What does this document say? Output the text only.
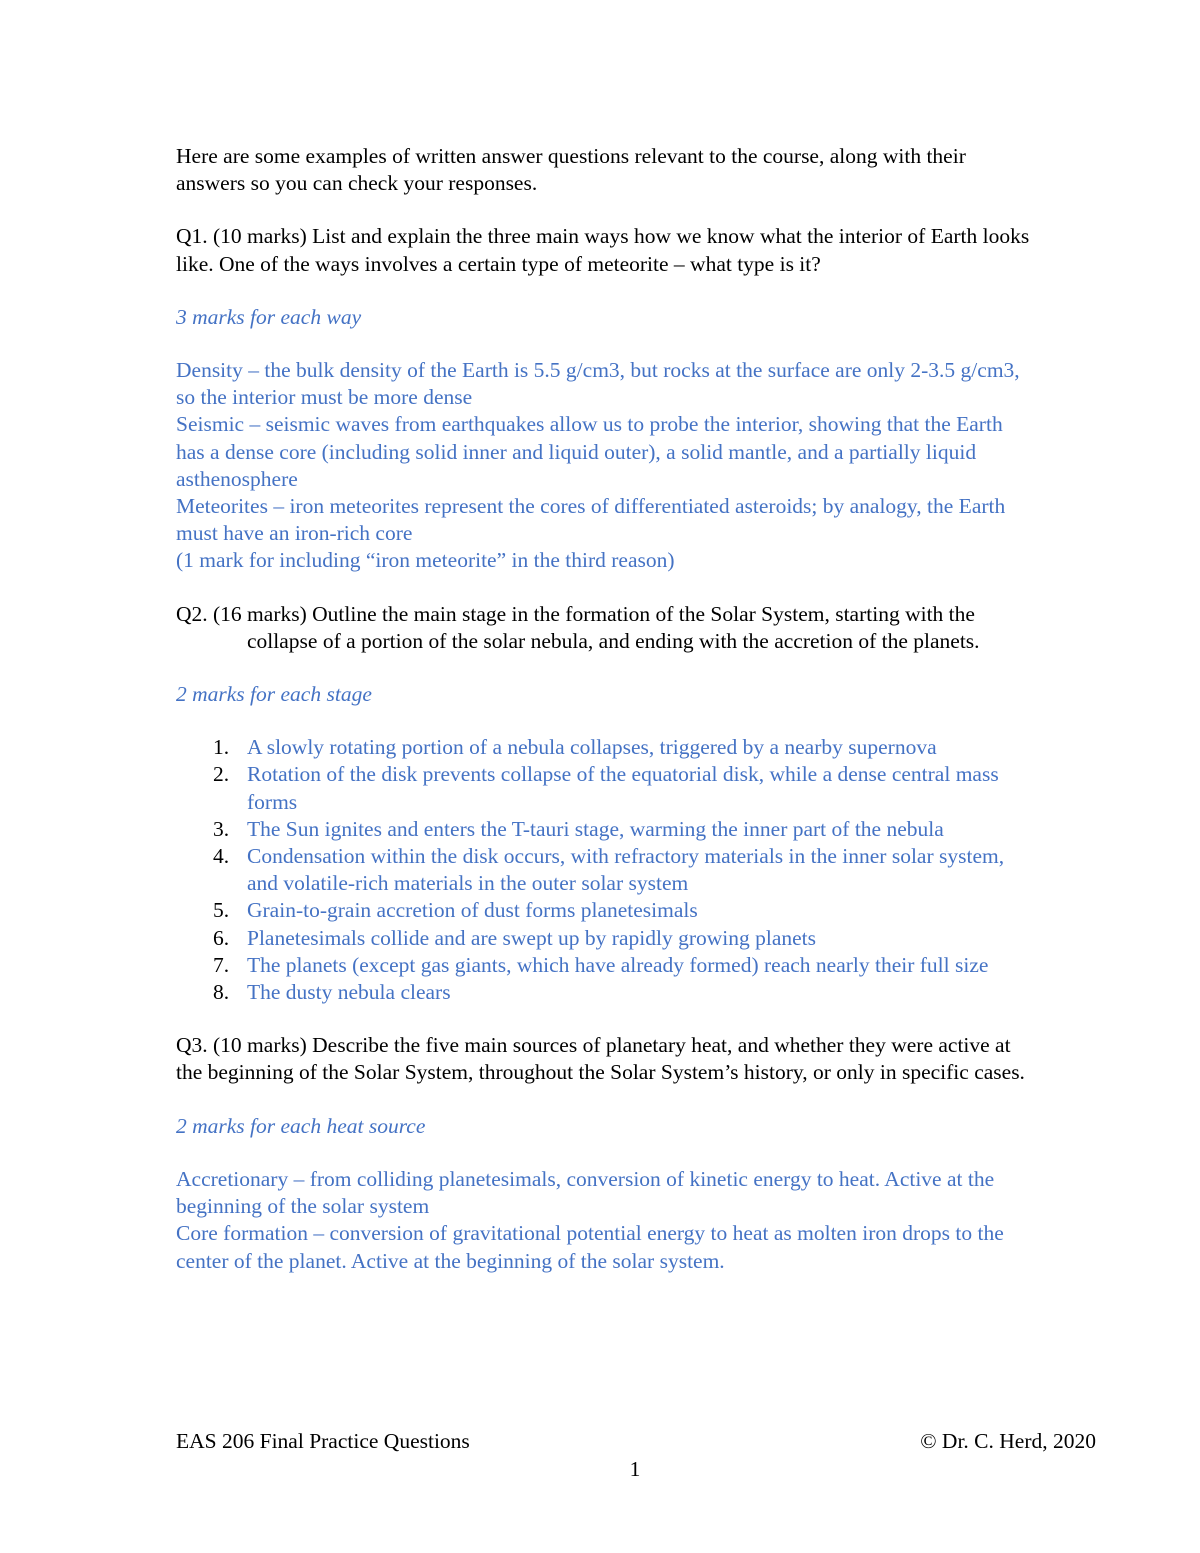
Here are some examples of written answer questions relevant to the course, along with their answers so you can check your responses.

Q1. (10 marks) List and explain the three main ways how we know what the interior of Earth looks like. One of the ways involves a certain type of meteorite – what type is it?

3 marks for each way

Density – the bulk density of the Earth is 5.5 g/cm3, but rocks at the surface are only 2-3.5 g/cm3, so the interior must be more dense

Seismic – seismic waves from earthquakes allow us to probe the interior, showing that the Earth has a dense core (including solid inner and liquid outer), a solid mantle, and a partially liquid asthenosphere

Meteorites – iron meteorites represent the cores of differentiated asteroids; by analogy, the Earth must have an iron-rich core

(1 mark for including “iron meteorite” in the third reason)

Q2. (16 marks) Outline the main stage in the formation of the Solar System, starting with the collapse of a portion of the solar nebula, and ending with the accretion of the planets.

2 marks for each stage

1. A slowly rotating portion of a nebula collapses, triggered by a nearby supernova
2. Rotation of the disk prevents collapse of the equatorial disk, while a dense central mass forms
3. The Sun ignites and enters the T-tauri stage, warming the inner part of the nebula
4. Condensation within the disk occurs, with refractory materials in the inner solar system, and volatile-rich materials in the outer solar system
5. Grain-to-grain accretion of dust forms planetesimals
6. Planetesimals collide and are swept up by rapidly growing planets
7. The planets (except gas giants, which have already formed) reach nearly their full size
8. The dusty nebula clears

Q3. (10 marks) Describe the five main sources of planetary heat, and whether they were active at the beginning of the Solar System, throughout the Solar System’s history, or only in specific cases.

2 marks for each heat source

Accretionary – from colliding planetesimals, conversion of kinetic energy to heat. Active at the beginning of the solar system

Core formation – conversion of gravitational potential energy to heat as molten iron drops to the center of the planet. Active at the beginning of the solar system.

EAS 206 Final Practice Questions	© Dr. C. Herd, 2020
1
